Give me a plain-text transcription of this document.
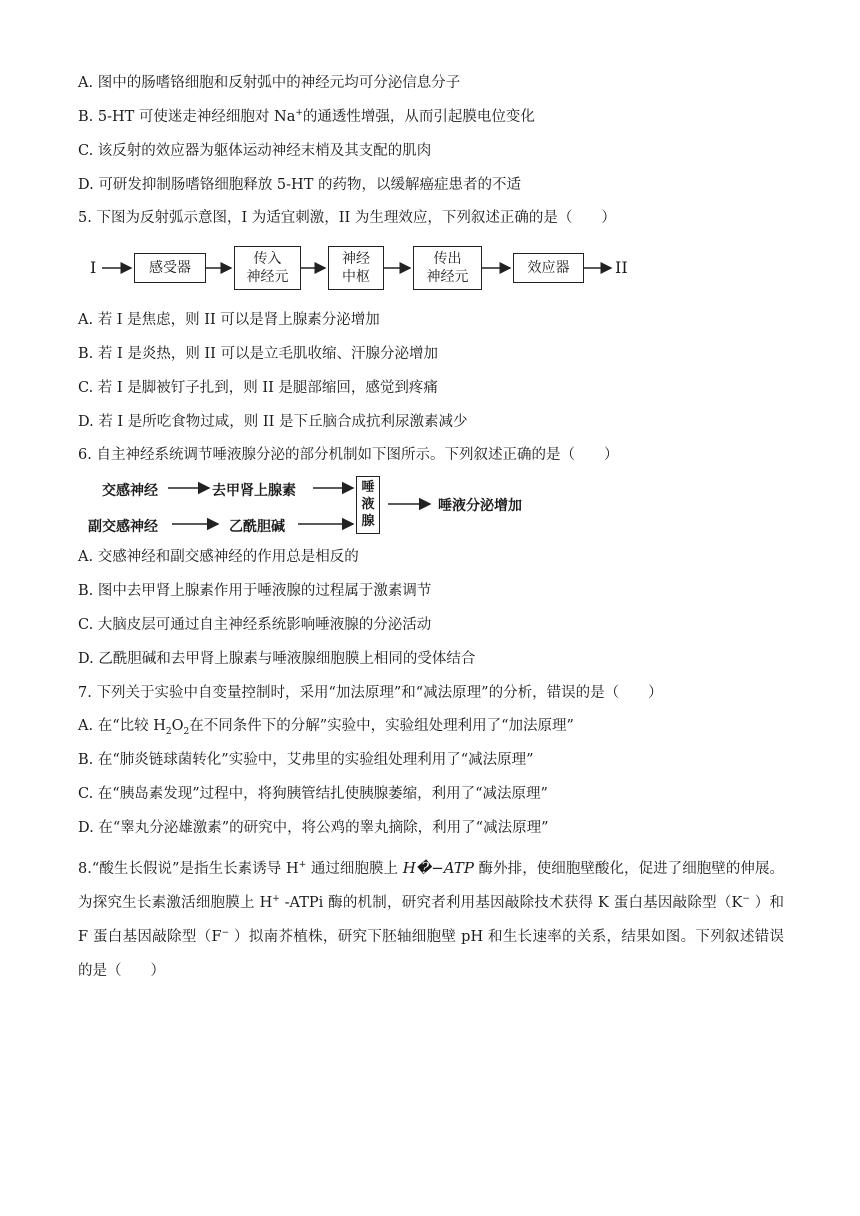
A. 图中的肠嗜铬细胞和反射弧中的神经元均可分泌信息分子
B. 5-HT 可使迷走神经细胞对 Na+的通透性增强，从而引起膜电位变化
C. 该反射的效应器为躯体运动神经末梢及其支配的肌肉
D. 可研发抑制肠嗜铬细胞释放 5-HT 的药物，以缓解癌症患者的不适
5. 下图为反射弧示意图，I 为适宜刺激，II 为生理效应，下列叙述正确的是（　　）
I	感受器
传入
神经元
神经
中枢
传出
神经元
效应器	II
A. 若 I 是焦虑，则 II 可以是肾上腺素分泌增加
B. 若 I 是炎热，则 II 可以是立毛肌收缩、汗腺分泌增加
C. 若 I 是脚被钉子扎到，则 II 是腿部缩回，感觉到疼痛
D. 若 I 是所吃食物过咸，则 II 是下丘脑合成抗利尿激素减少
6. 自主神经系统调节唾液腺分泌的部分机制如下图所示。下列叙述正确的是（　　）
交感神经	去甲肾上腺素
副交感神经	乙酰胆碱
唾
液
腺
唾液分泌增加
A. 交感神经和副交感神经的作用总是相反的
B. 图中去甲肾上腺素作用于唾液腺的过程属于激素调节
C. 大脑皮层可通过自主神经系统影响唾液腺的分泌活动
D. 乙酰胆碱和去甲肾上腺素与唾液腺细胞膜上相同的受体结合
7. 下列关于实验中自变量控制时，采用“加法原理”和“减法原理”的分析，错误的是（　　）
A. 在“比较 $H_2O_2$在不同条件下的分解”实验中，实验组处理利用了“加法原理”
B. 在“肺炎链球菌转化”实验中，艾弗里的实验组处理利用了“减法原理”
C. 在“胰岛素发现”过程中，将狗胰管结扎使胰腺萎缩，利用了“减法原理”
D. 在“睾丸分泌雄激素”的研究中，将公鸡的睾丸摘除，利用了“减法原理”
8.“酸生长假说”是指生长素诱导 H+ 通过细胞膜上 H�−ATP 酶外排，使细胞壁酸化，促进了细胞壁的伸展。为探究生长素激活细胞膜上 H+ -ATPi 酶的机制，研究者利用基因敲除技术获得 K 蛋白基因敲除型（K− ）和 F 蛋白基因敲除型（F− ）拟南芥植株，研究下胚轴细胞壁 pH 和生长速率的关系，结果如图。下列叙述错误的是（　　）
